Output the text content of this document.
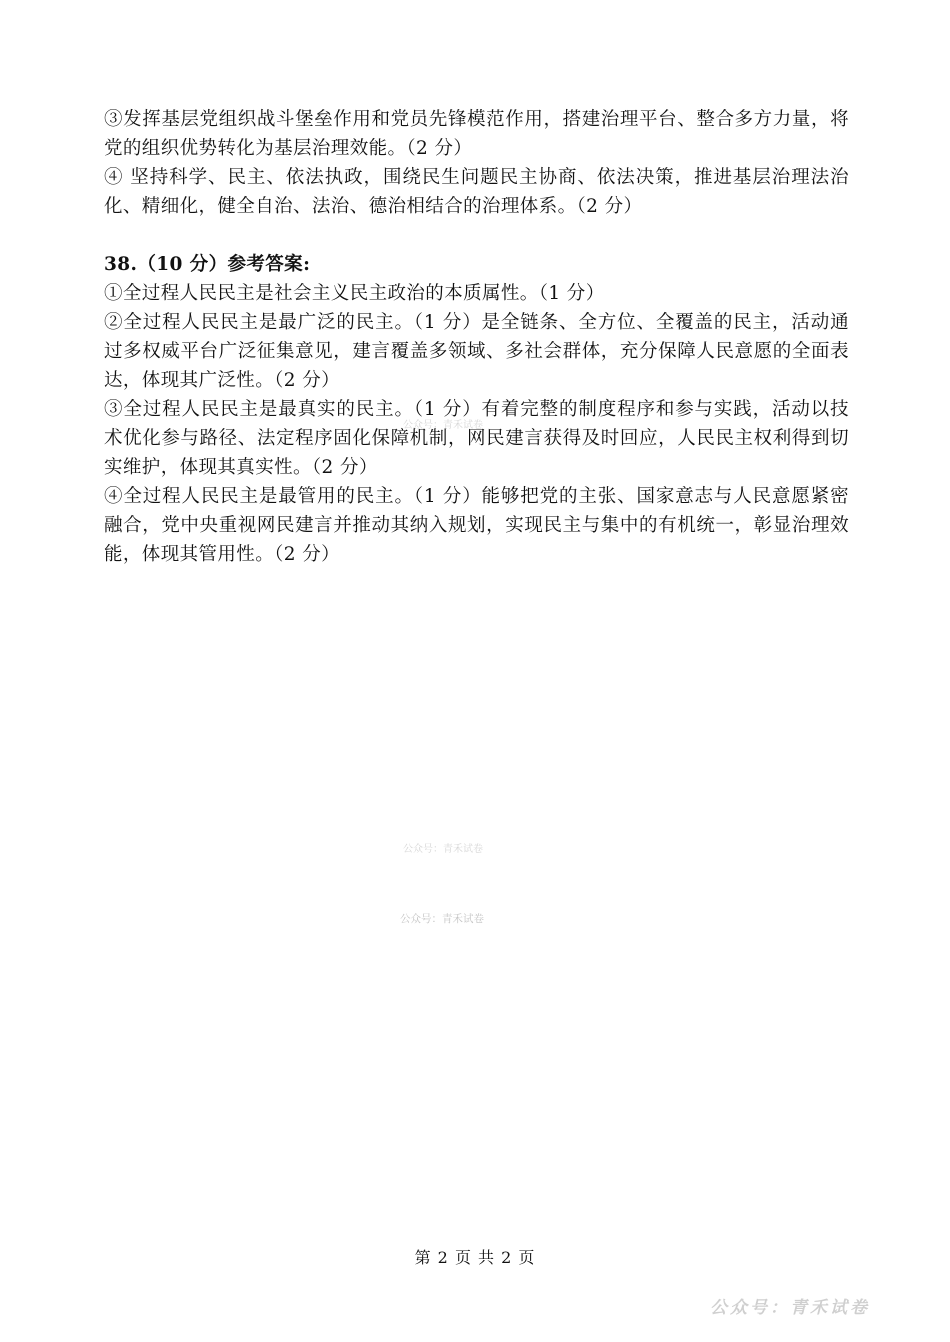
③发挥基层党组织战斗堡垒作用和党员先锋模范作用，搭建治理平台、整合多方力量，将党的组织优势转化为基层治理效能。（2 分）

④ 坚持科学、民主、依法执政，围绕民生问题民主协商、依法决策，推进基层治理法治化、精细化，健全自治、法治、德治相结合的治理体系。（2 分）

38.（10 分）参考答案:

①全过程人民民主是社会主义民主政治的本质属性。（1 分）

②全过程人民民主是最广泛的民主。（1 分）是全链条、全方位、全覆盖的民主，活动通过多权威平台广泛征集意见，建言覆盖多领域、多社会群体，充分保障人民意愿的全面表达，体现其广泛性。（2 分）

③全过程人民民主是最真实的民主。（1 分）有着完整的制度程序和参与实践，活动以技术优化参与路径、法定程序固化保障机制，网民建言获得及时回应，人民民主权利得到切实维护，体现其真实性。（2 分）

④全过程人民民主是最管用的民主。（1 分）能够把党的主张、国家意志与人民意愿紧密融合，党中央重视网民建言并推动其纳入规划，实现民主与集中的有机统一，彰显治理效能，体现其管用性。（2 分）

公众号：青禾试卷
公众号：青禾试卷
公众号：青禾试卷
第 2 页 共 2 页
公众号：青禾试卷
